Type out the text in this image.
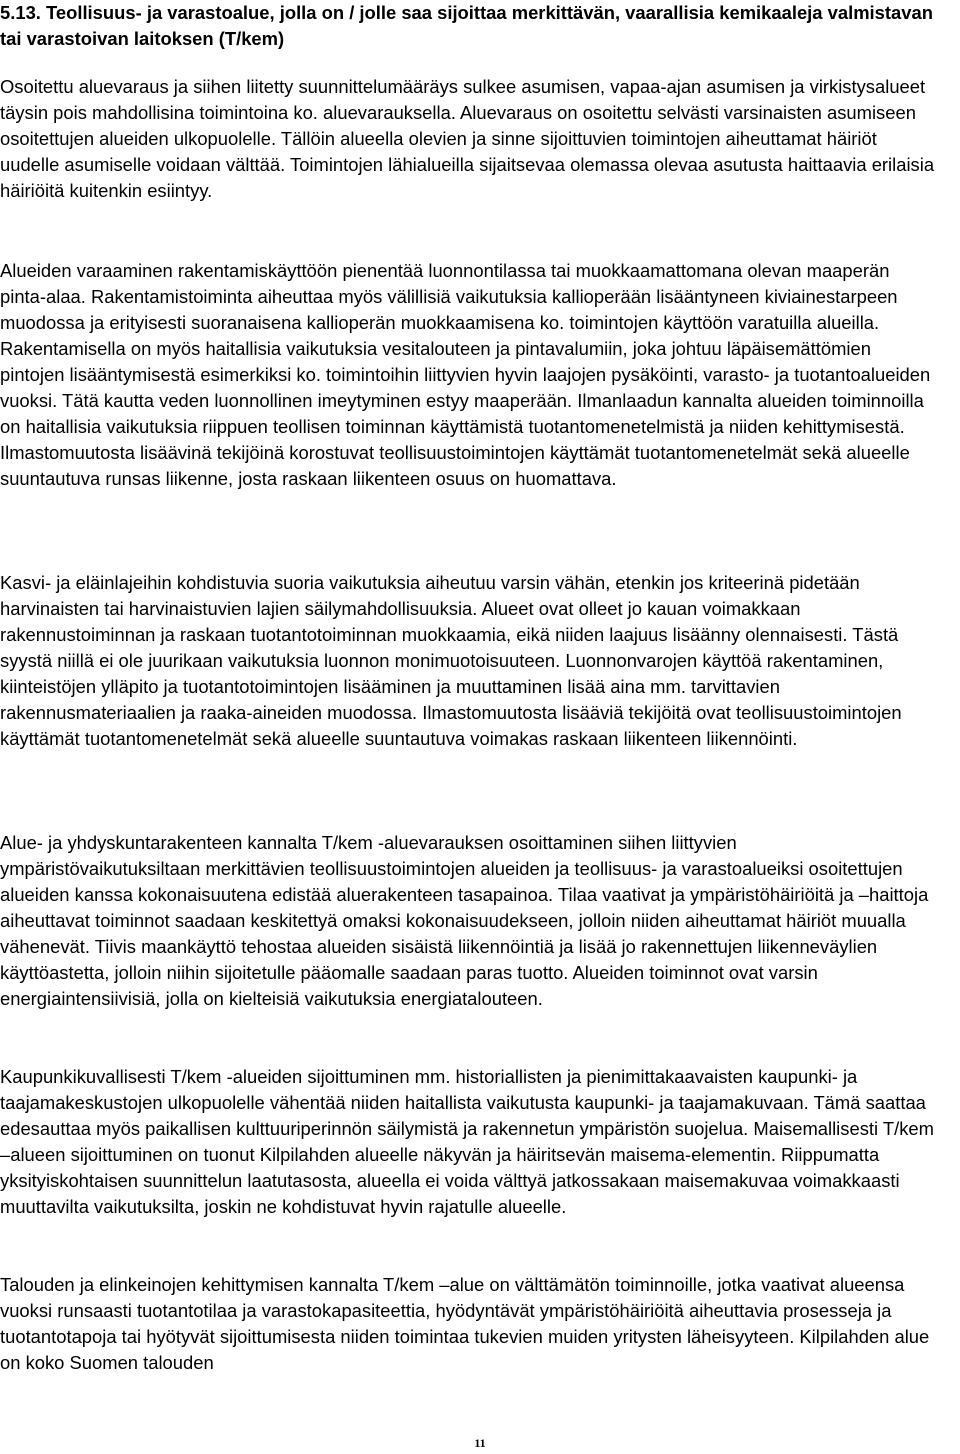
5.13. Teollisuus- ja varastoalue, jolla on / jolle saa sijoittaa merkittävän, vaarallisia kemikaaleja valmistavan tai varastoivan laitoksen (T/kem)

Osoitettu aluevaraus ja siihen liitetty suunnittelumääräys sulkee asumisen, vapaa-ajan asumisen ja virkistysalueet täysin pois mahdollisina toimintoina ko. aluevarauksella. Aluevaraus on osoitettu selvästi varsinaisten asumiseen osoitettujen alueiden ulkopuolelle. Tällöin alueella olevien ja sinne sijoittuvien toimintojen aiheuttamat häiriöt uudelle asumiselle voidaan välttää. Toimintojen lähialueilla sijaitsevaa olemassa olevaa asutusta haittaavia erilaisia häiriöitä kuitenkin esiintyy.

Alueiden varaaminen rakentamiskäyttöön pienentää luonnontilassa tai muokkaamattomana olevan maaperän pinta-alaa. Rakentamistoiminta aiheuttaa myös välillisiä vaikutuksia kallioperään lisääntyneen kiviainestarpeen muodossa ja erityisesti suoranaisena kallioperän muokkaamisena ko. toimintojen käyttöön varatuilla alueilla. Rakentamisella on myös haitallisia vaikutuksia vesitalouteen ja pintavalumiin, joka johtuu läpäisemättömien pintojen lisääntymisestä esimerkiksi ko. toimintoihin liittyvien hyvin laajojen pysäköinti, varasto- ja tuotantoalueiden vuoksi. Tätä kautta veden luonnollinen imeytyminen estyy maaperään. Ilmanlaadun kannalta alueiden toiminnoilla on haitallisia vaikutuksia riippuen teollisen toiminnan käyttämistä tuotantomenetelmistä ja niiden kehittymisestä. Ilmastomuutosta lisäävinä tekijöinä korostuvat teollisuustoimintojen käyttämät tuotantomenetelmät sekä alueelle suuntautuva runsas liikenne, josta raskaan liikenteen osuus on huomattava.

Kasvi- ja eläinlajeihin kohdistuvia suoria vaikutuksia aiheutuu varsin vähän, etenkin jos kriteerinä pidetään harvinaisten tai harvinaistuvien lajien säilymahdollisuuksia. Alueet ovat olleet jo kauan voimakkaan rakennustoiminnan ja raskaan tuotantotoiminnan muokkaamia, eikä niiden laajuus lisäänny olennaisesti. Tästä syystä niillä ei ole juurikaan vaikutuksia luonnon monimuotoisuuteen. Luonnonvarojen käyttöä rakentaminen, kiinteistöjen ylläpito ja tuotantotoimintojen lisääminen ja muuttaminen lisää aina mm. tarvittavien rakennusmateriaalien ja raaka-aineiden muodossa. Ilmastomuutosta lisääviä tekijöitä ovat teollisuustoimintojen käyttämät tuotantomenetelmät sekä alueelle suuntautuva voimakas raskaan liikenteen liikennöinti.

Alue- ja yhdyskuntarakenteen kannalta T/kem -aluevarauksen osoittaminen siihen liittyvien ympäristövaikutuksiltaan merkittävien teollisuustoimintojen alueiden ja teollisuus- ja varastoalueiksi osoitettujen alueiden kanssa kokonaisuutena edistää aluerakenteen tasapainoa. Tilaa vaativat ja ympäristöhäiriöitä ja –haittoja aiheuttavat toiminnot saadaan keskitettyä omaksi kokonaisuudekseen, jolloin niiden aiheuttamat häiriöt muualla vähenevät. Tiivis maankäyttö tehostaa alueiden sisäistä liikennöintiä ja lisää jo rakennettujen liikenneväylien käyttöastetta, jolloin niihin sijoitetulle pääomalle saadaan paras tuotto. Alueiden toiminnot ovat varsin energiaintensiivisiä, jolla on kielteisiä vaikutuksia energiatalouteen.

Kaupunkikuvallisesti T/kem -alueiden sijoittuminen mm. historiallisten ja pienimittakaavaisten kaupunki- ja taajamakeskustojen ulkopuolelle vähentää niiden haitallista vaikutusta kaupunki- ja taajamakuvaan. Tämä saattaa edesauttaa myös paikallisen kulttuuriperinnön säilymistä ja rakennetun ympäristön suojelua. Maisemallisesti T/kem –alueen sijoittuminen on tuonut Kilpilahden alueelle näkyvän ja häiritsevän maisema-elementin. Riippumatta yksityiskohtaisen suunnittelun laatutasosta, alueella ei voida välttyä jatkossakaan maisemakuvaa voimakkaasti muuttavilta vaikutuksilta, joskin ne kohdistuvat hyvin rajatulle alueelle.

Talouden ja elinkeinojen kehittymisen kannalta T/kem –alue on välttämätön toiminnoille, jotka vaativat alueensa vuoksi runsaasti tuotantotilaa ja varastokapasiteettia, hyödyntävät ympäristöhäiriöitä aiheuttavia prosesseja ja tuotantotapoja tai hyötyvät sijoittumisesta niiden toimintaa tukevien muiden yritysten läheisyyteen. Kilpilahden alue on koko Suomen talouden

11
